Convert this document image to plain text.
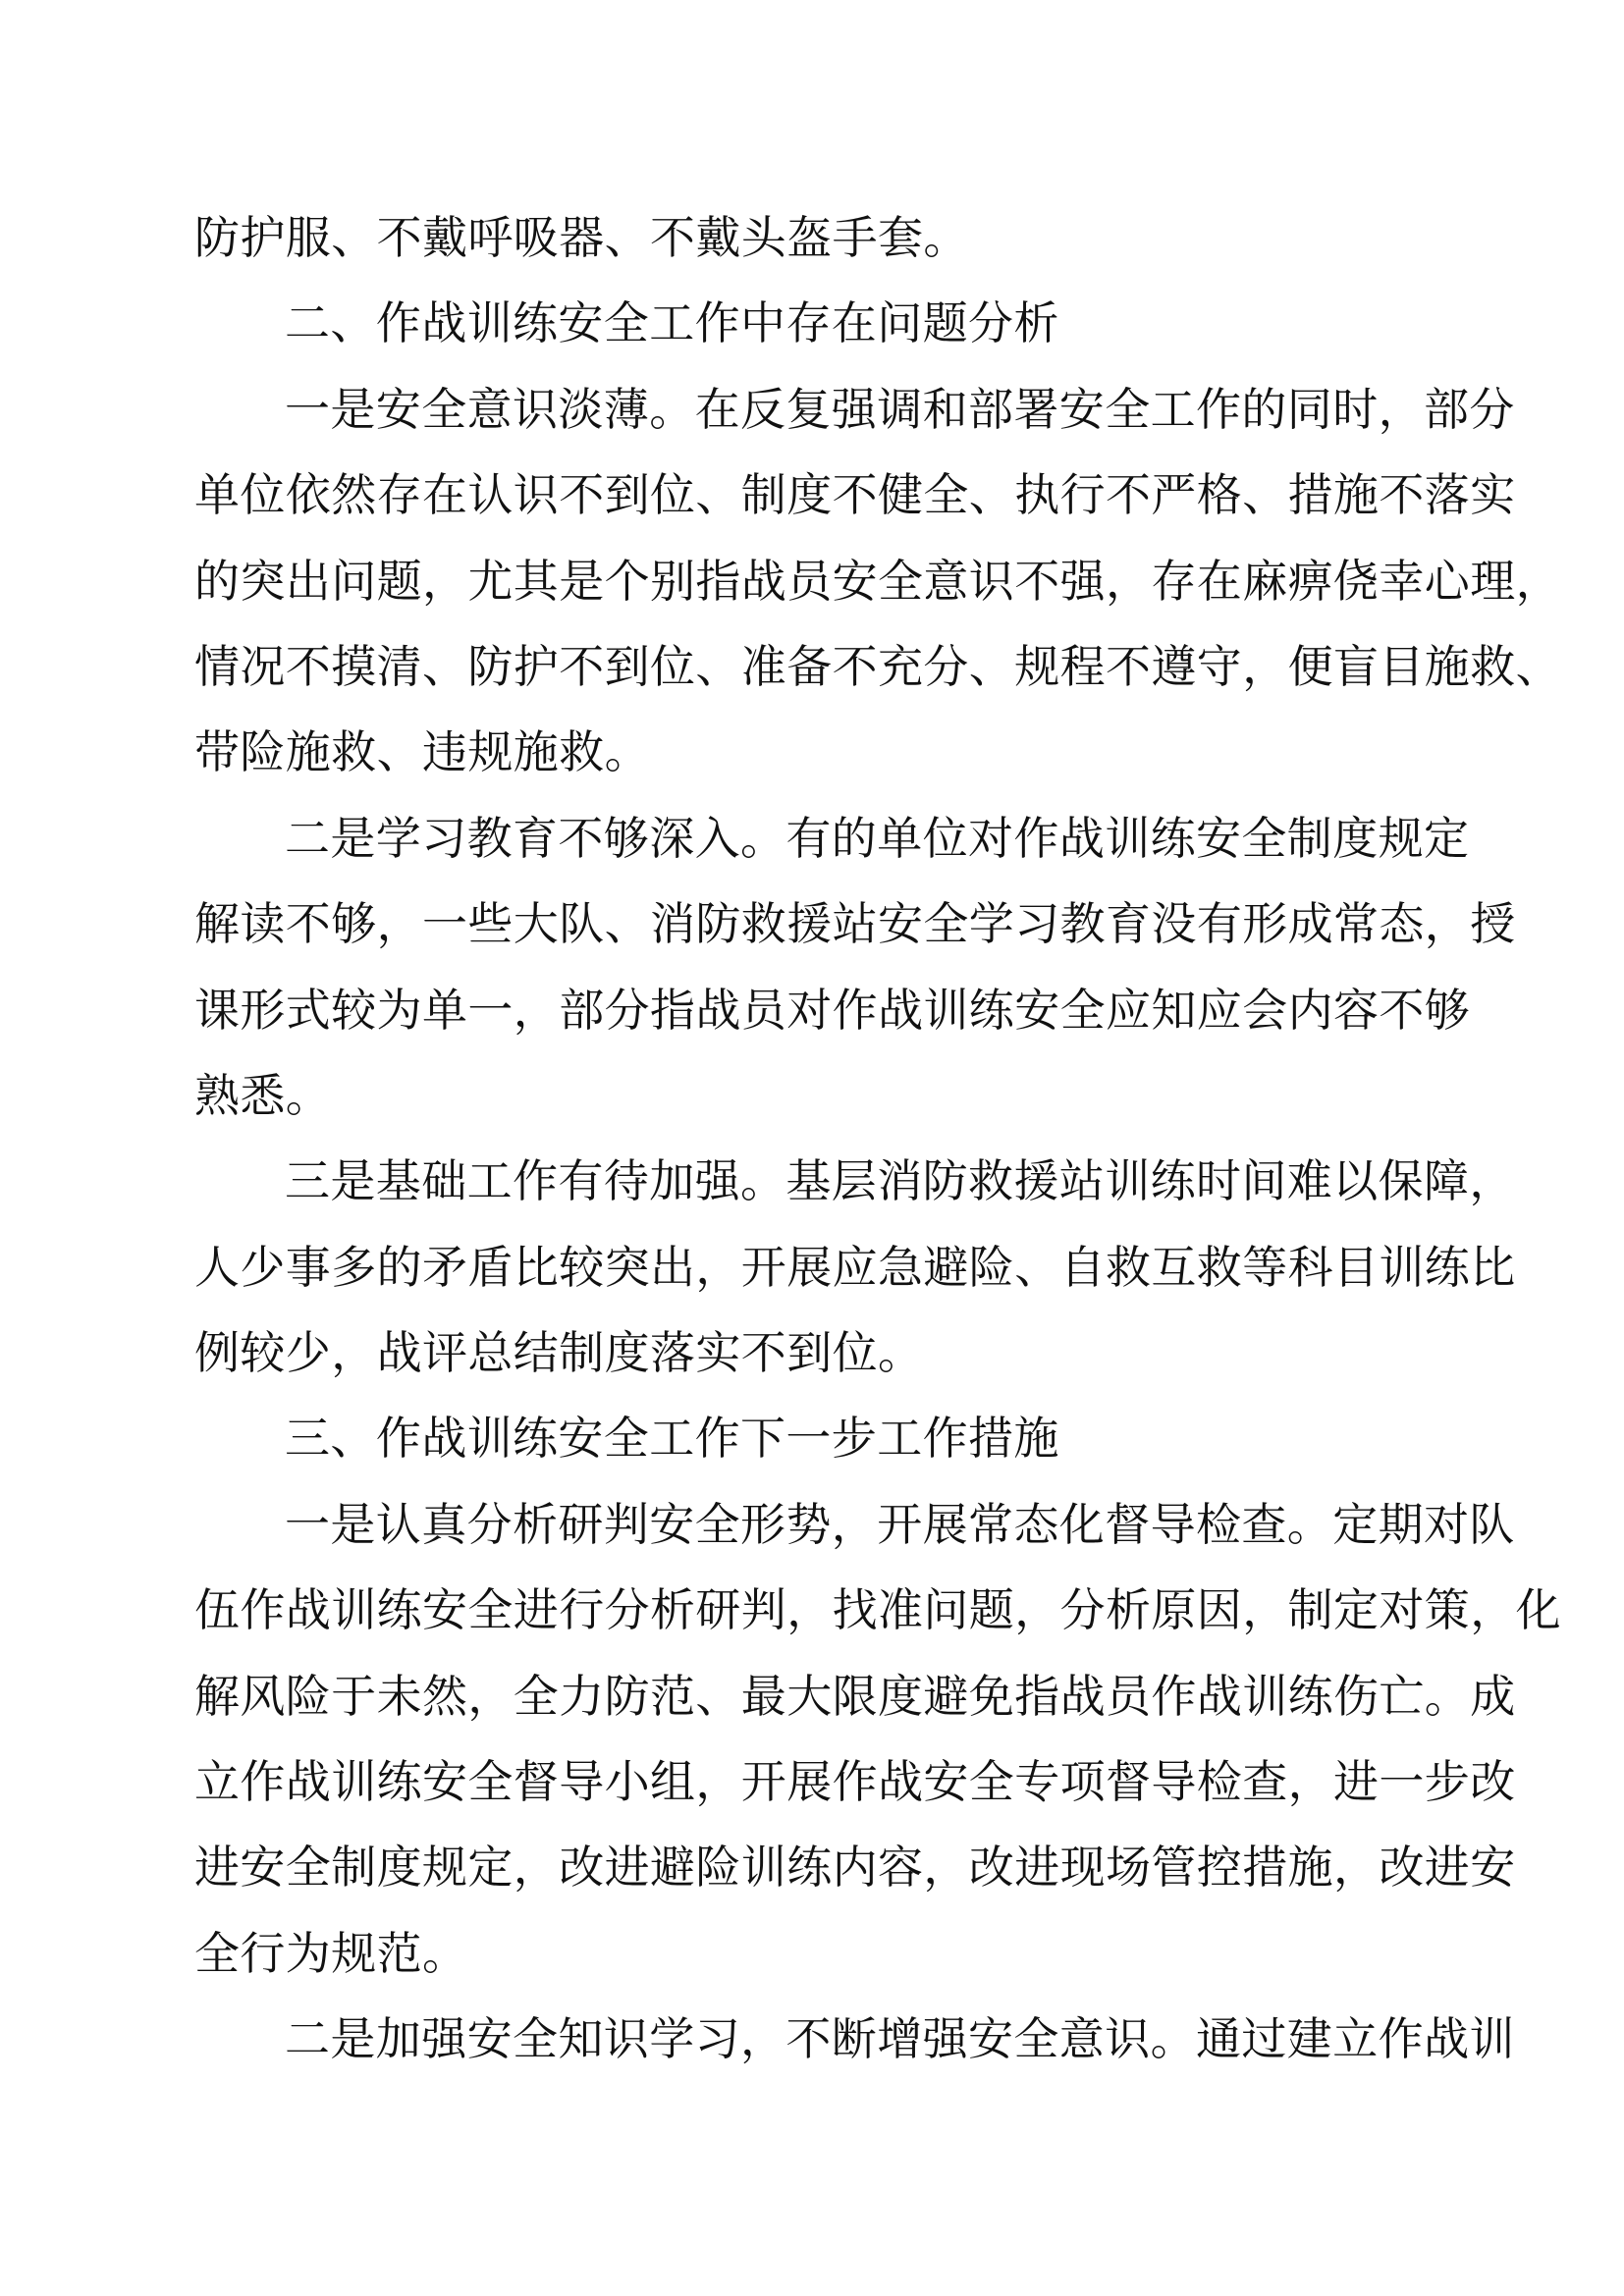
防护服、不戴呼吸器、不戴头盔手套。
二、作战训练安全工作中存在问题分析
一是安全意识淡薄。在反复强调和部署安全工作的同时，部分
单位依然存在认识不到位、制度不健全、执行不严格、措施不落实
的突出问题，尤其是个别指战员安全意识不强，存在麻痹侥幸心理，
情况不摸清、防护不到位、准备不充分、规程不遵守，便盲目施救、
带险施救、违规施救。
二是学习教育不够深入。有的单位对作战训练安全制度规定
解读不够，一些大队、消防救援站安全学习教育没有形成常态，授
课形式较为单一，部分指战员对作战训练安全应知应会内容不够
熟悉。
三是基础工作有待加强。基层消防救援站训练时间难以保障，
人少事多的矛盾比较突出，开展应急避险、自救互救等科目训练比
例较少，战评总结制度落实不到位。
三、作战训练安全工作下一步工作措施
一是认真分析研判安全形势，开展常态化督导检查。定期对队
伍作战训练安全进行分析研判，找准问题，分析原因，制定对策，化
解风险于未然，全力防范、最大限度避免指战员作战训练伤亡。成
立作战训练安全督导小组，开展作战安全专项督导检查，进一步改
进安全制度规定，改进避险训练内容，改进现场管控措施，改进安
全行为规范。
二是加强安全知识学习，不断增强安全意识。通过建立作战训
